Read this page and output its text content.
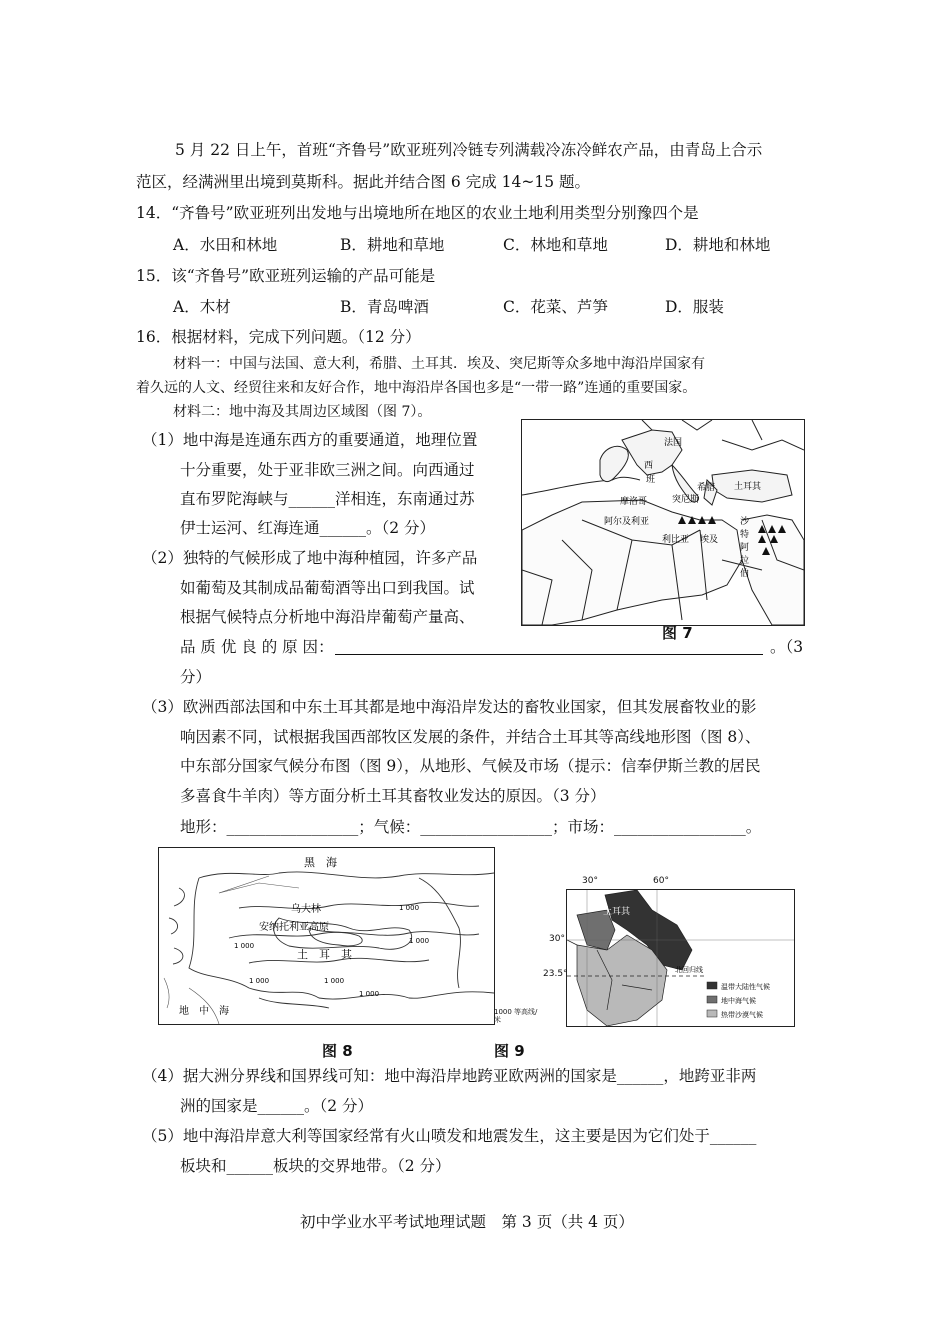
5 月 22 日上午，首班“齐鲁号”欧亚班列冷链专列满载冷冻冷鲜农产品，由青岛上合示
范区，经满洲里出境到莫斯科。据此并结合图 6 完成 14~15 题。
14．“齐鲁号”欧亚班列出发地与出境地所在地区的农业土地利用类型分别豫四个是
A．水田和林地	B．耕地和草地	C．林地和草地	D．耕地和林地
15．该“齐鲁号”欧亚班列运输的产品可能是
A．木材	B．青岛啤酒	C．花菜、芦笋	D．服装
16．根据材料，完成下列问题。（12 分）
材料一：中国与法国、意大利，希腊、土耳其．埃及、突尼斯等众多地中海沿岸国家有
着久远的人文、经贸往来和友好合作，地中海沿岸各国也多是“一带一路”连通的重要国家。
材料二：地中海及其周边区域图（图 7）。
（1）地中海是连通东西方的重要通道，地理位置
十分重要，处于亚非欧三洲之间。向西通过
直布罗陀海峡与______洋相连，东南通过苏
伊士运河、红海连通______。（2 分）
（2）独特的气候形成了地中海种植园，许多产品
如葡萄及其制成品葡萄酒等出口到我国。试
根据气候特点分析地中海沿岸葡萄产量高、
品 质 优 良 的 原 因：	。（3
分）
法国
西
班
摩洛哥
阿尔及利亚
突尼斯
希腊 土耳其
利比亚 埃及
沙
特
阿
拉
伯
图 7
（3）欧洲西部法国和中东土耳其都是地中海沿岸发达的畜牧业国家，但其发展畜牧业的影
响因素不同，试根据我国西部牧区发展的条件，并结合土耳其等高线地形图（图 8）、
中东部分国家气候分布图（图 9），从地形、气候及市场（提示：信奉伊斯兰教的居民
多喜食牛羊肉）等方面分析土耳其畜牧业发达的原因。（3 分）
地形：_________________；气候：_________________；市场：_________________。
黑　海
乌大林
安纳托利亚高原
土　耳　其
地　中　海
1 000
1 000
1 000
1 000
1 000
1 000
1000 等高线/米
土耳其
北回归线
温带大陆性气候
地中海气候
热带沙漠气候
30°	60°
30°
23.5°
图 8	图 9
（4）据大洲分界线和国界线可知：地中海沿岸地跨亚欧两洲的国家是______，地跨亚非两
洲的国家是______。（2 分）
（5）地中海沿岸意大利等国家经常有火山喷发和地震发生，这主要是因为它们处于______
板块和______板块的交界地带。（2 分）
初中学业水平考试地理试题　第 3 页（共 4 页）
